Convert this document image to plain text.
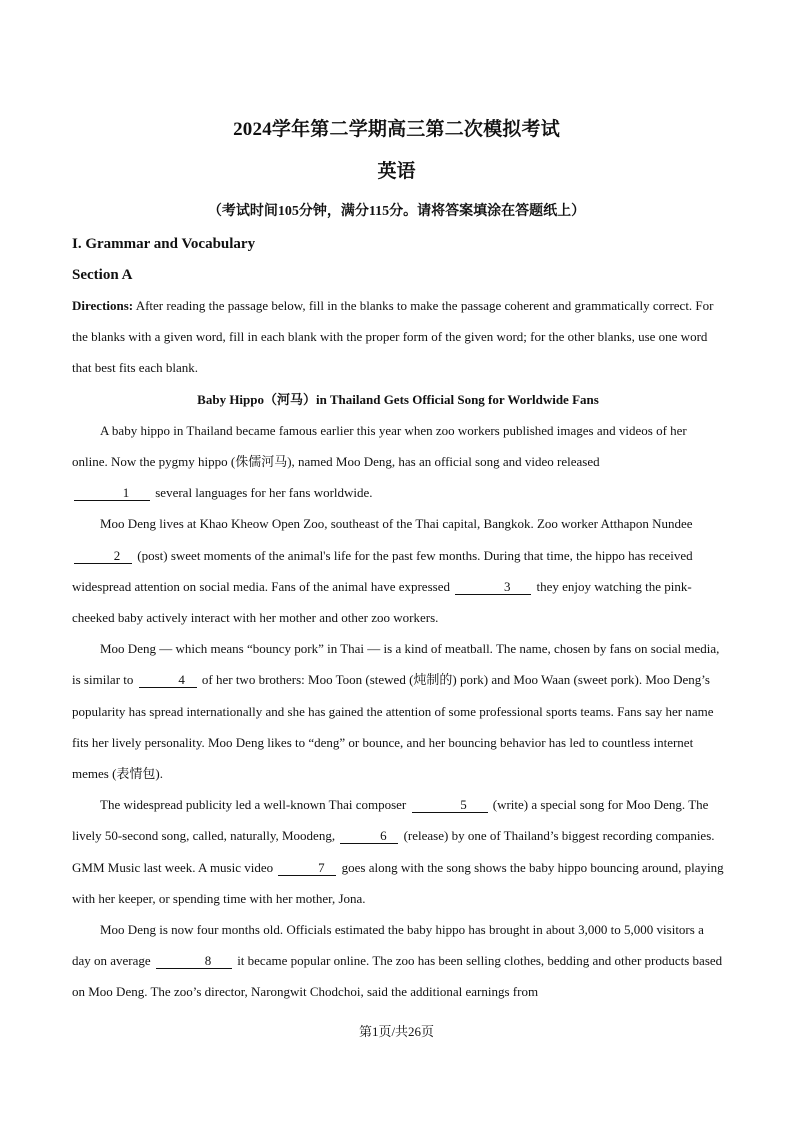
2024学年第二学期高三第二次模拟考试
英语
（考试时间105分钟，满分115分。请将答案填涂在答题纸上）
I. Grammar and Vocabulary
Section A

Directions: After reading the passage below, fill in the blanks to make the passage coherent and grammatically correct. For the blanks with a given word, fill in each blank with the proper form of the given word; for the other blanks, use one word that best fits each blank.

Baby Hippo（河马）in Thailand Gets Official Song for Worldwide Fans

A baby hippo in Thailand became famous earlier this year when zoo workers published images and videos of her online. Now the pygmy hippo (侏儒河马), named Moo Deng, has an official song and video released
1 several languages for her fans worldwide.

Moo Deng lives at Khao Kheow Open Zoo, southeast of the Thai capital, Bangkok. Zoo worker Atthapon Nundee 2 (post) sweet moments of the animal's life for the past few months. During that time, the hippo has received widespread attention on social media. Fans of the animal have expressed	3 they enjoy watching the pink-cheeked baby actively interact with her mother and other zoo workers.

Moo Deng — which means “bouncy pork” in Thai — is a kind of meatball. The name, chosen by fans on social media, is similar to	4 of her two brothers: Moo Toon (stewed (炖制的) pork) and Moo Waan (sweet pork). Moo Deng’s popularity has spread internationally and she has gained the attention of some professional sports teams. Fans say her name fits her lively personality. Moo Deng likes to “deng” or bounce, and her bouncing behavior has led to countless internet memes (表情包).

The widespread publicity led a well-known Thai composer	5 (write) a special song for Moo Deng. The lively 50-second song, called, naturally, Moodeng,	6 (release) by one of Thailand’s biggest recording companies. GMM Music last week. A music video	7 goes along with the song shows the baby hippo bouncing around, playing with her keeper, or spending time with her mother, Jona.

Moo Deng is now four months old. Officials estimated the baby hippo has brought in about 3,000 to 5,000 visitors a day on average	8 it became popular online. The zoo has been selling clothes, bedding and other products based on Moo Deng. The zoo’s director, Narongwit Chodchoi, said the additional earnings from

第1页/共26页
